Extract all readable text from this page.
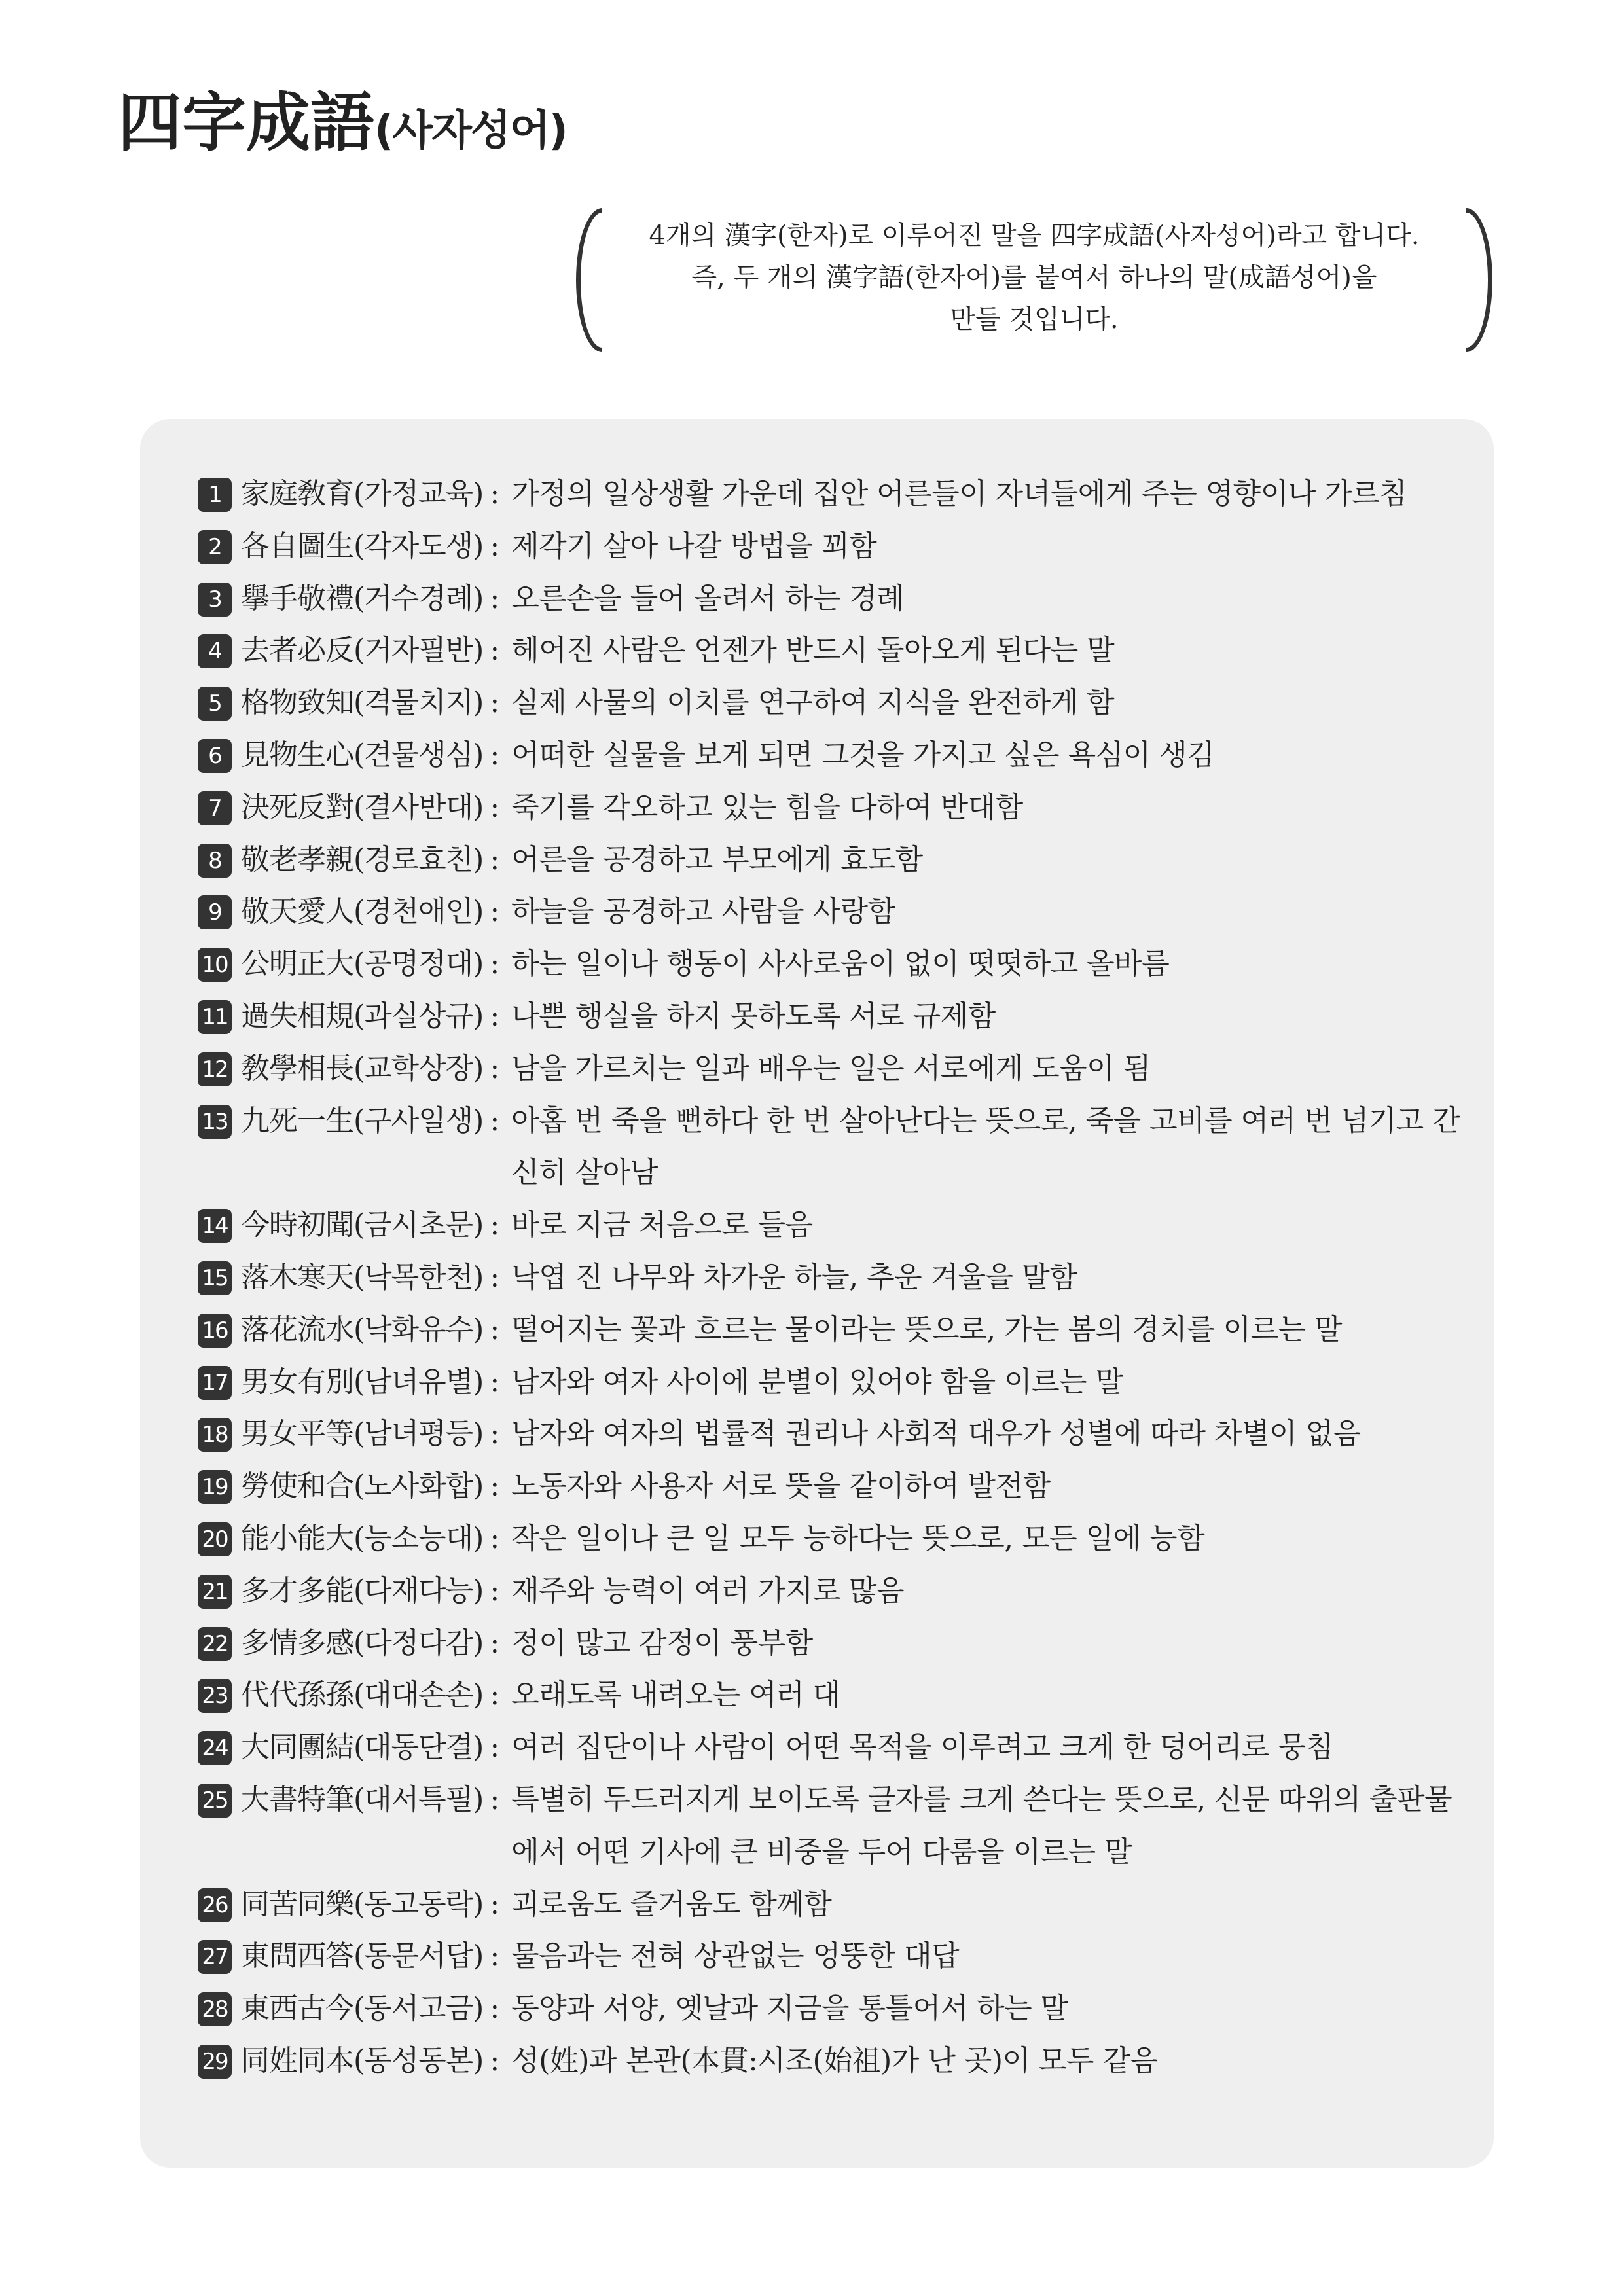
四字成語(사자성어)
4개의 漢字(한자)로 이루어진 말을 四字成語(사자성어)라고 합니다.
즉, 두 개의 漢字語(한자어)를 붙여서 하나의 말(成語성어)을
만들 것입니다.
1 家庭敎育(가정교육) : 가정의 일상생활 가운데 집안 어른들이 자녀들에게 주는 영향이나 가르침
2 各自圖生(각자도생) : 제각기 살아 나갈 방법을 꾀함
3 擧手敬禮(거수경례) : 오른손을 들어 올려서 하는 경례
4 去者必反(거자필반) : 헤어진 사람은 언젠가 반드시 돌아오게 된다는 말
5 格物致知(격물치지) : 실제 사물의 이치를 연구하여 지식을 완전하게 함
6 見物生心(견물생심) : 어떠한 실물을 보게 되면 그것을 가지고 싶은 욕심이 생김
7 決死反對(결사반대) : 죽기를 각오하고 있는 힘을 다하여 반대함
8 敬老孝親(경로효친) : 어른을 공경하고 부모에게 효도함
9 敬天愛人(경천애인) : 하늘을 공경하고 사람을 사랑함
10 公明正大(공명정대) : 하는 일이나 행동이 사사로움이 없이 떳떳하고 올바름
11 過失相規(과실상규) : 나쁜 행실을 하지 못하도록 서로 규제함
12 敎學相長(교학상장) : 남을 가르치는 일과 배우는 일은 서로에게 도움이 됨
13 九死一生(구사일생) : 아홉 번 죽을 뻔하다 한 번 살아난다는 뜻으로, 죽을 고비를 여러 번 넘기고 간신히 살아남
14 今時初聞(금시초문) : 바로 지금 처음으로 들음
15 落木寒天(낙목한천) : 낙엽 진 나무와 차가운 하늘, 추운 겨울을 말함
16 落花流水(낙화유수) : 떨어지는 꽃과 흐르는 물이라는 뜻으로, 가는 봄의 경치를 이르는 말
17 男女有別(남녀유별) : 남자와 여자 사이에 분별이 있어야 함을 이르는 말
18 男女平等(남녀평등) : 남자와 여자의 법률적 권리나 사회적 대우가 성별에 따라 차별이 없음
19 勞使和合(노사화합) : 노동자와 사용자 서로 뜻을 같이하여 발전함
20 能小能大(능소능대) : 작은 일이나 큰 일 모두 능하다는 뜻으로, 모든 일에 능함
21 多才多能(다재다능) : 재주와 능력이 여러 가지로 많음
22 多情多感(다정다감) : 정이 많고 감정이 풍부함
23 代代孫孫(대대손손) : 오래도록 내려오는 여러 대
24 大同團結(대동단결) : 여러 집단이나 사람이 어떤 목적을 이루려고 크게 한 덩어리로 뭉침
25 大書特筆(대서특필) : 특별히 두드러지게 보이도록 글자를 크게 쓴다는 뜻으로, 신문 따위의 출판물에서 어떤 기사에 큰 비중을 두어 다룸을 이르는 말
26 同苦同樂(동고동락) : 괴로움도 즐거움도 함께함
27 東問西答(동문서답) : 물음과는 전혀 상관없는 엉뚱한 대답
28 東西古今(동서고금) : 동양과 서양, 옛날과 지금을 통틀어서 하는 말
29 同姓同本(동성동본) : 성(姓)과 본관(本貫:시조(始祖)가 난 곳)이 모두 같음
